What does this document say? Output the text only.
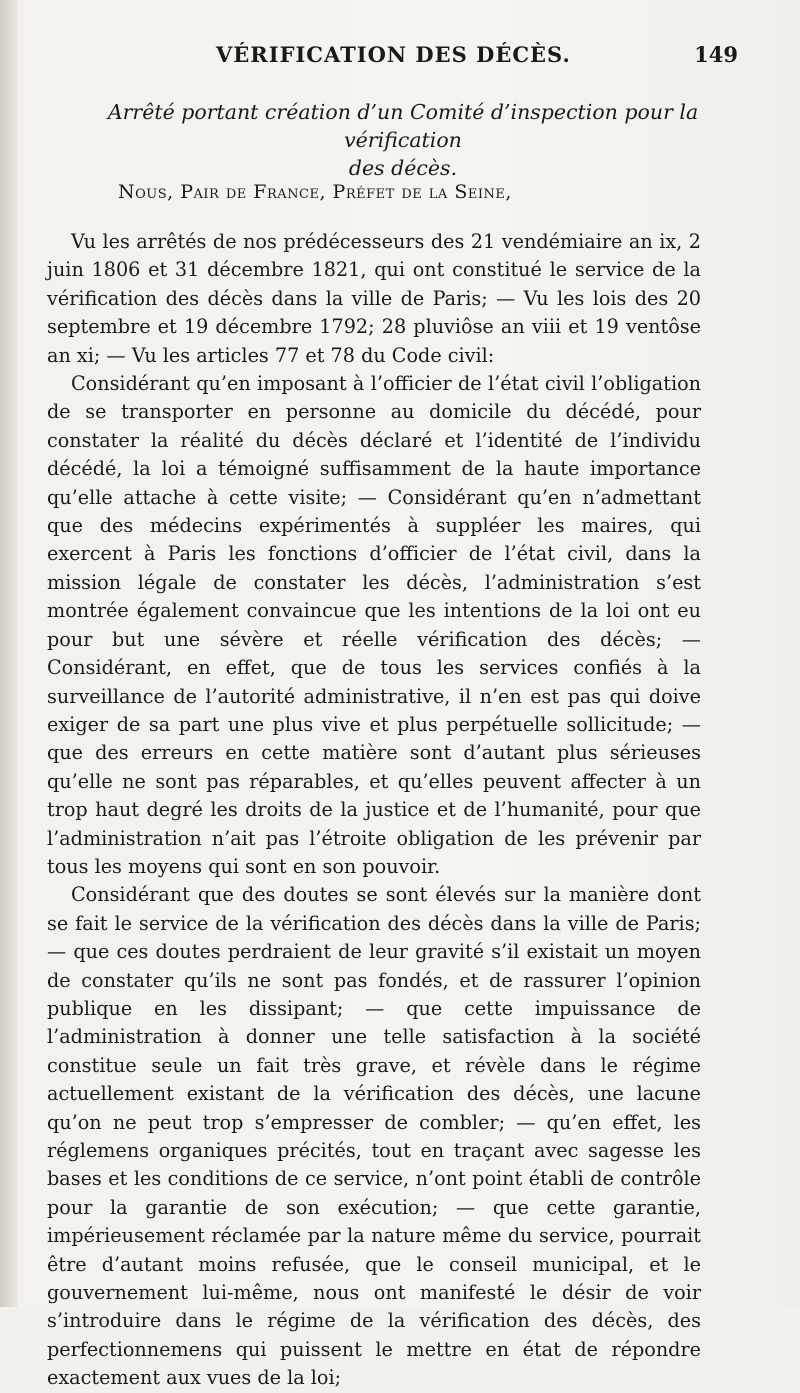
VÉRIFICATION DES DÉCÈS.	149
Arrêté portant création d’un Comité d’inspection pour la vérification
des décès.
Nous, Pair de France, Préfet de la Seine,

Vu les arrêtés de nos prédécesseurs des 21 vendémiaire an ix, 2 juin 1806 et 31 décembre 1821, qui ont constitué le service de la vérification des décès dans la ville de Paris; — Vu les lois des 20 septembre et 19 décembre 1792; 28 pluviôse an viii et 19 ventôse an xi; — Vu les articles 77 et 78 du Code civil:

Considérant qu’en imposant à l’officier de l’état civil l’obligation de se transporter en personne au domicile du décédé, pour constater la réalité du décès déclaré et l’identité de l’individu décédé, la loi a témoigné suffisamment de la haute importance qu’elle attache à cette visite; — Considérant qu’en n’admettant que des médecins expérimentés à suppléer les maires, qui exercent à Paris les fonctions d’officier de l’état civil, dans la mission légale de constater les décès, l’administration s’est montrée également convaincue que les intentions de la loi ont eu pour but une sévère et réelle vérification des décès; — Considérant, en effet, que de tous les services confiés à la surveillance de l’autorité administrative, il n’en est pas qui doive exiger de sa part une plus vive et plus perpétuelle sollicitude; — que des erreurs en cette matière sont d’autant plus sérieuses qu’elle ne sont pas réparables, et qu’elles peuvent affecter à un trop haut degré les droits de la justice et de l’humanité, pour que l’administration n’ait pas l’étroite obligation de les prévenir par tous les moyens qui sont en son pouvoir.

Considérant que des doutes se sont élevés sur la manière dont se fait le service de la vérification des décès dans la ville de Paris; — que ces doutes perdraient de leur gravité s’il existait un moyen de constater qu’ils ne sont pas fondés, et de rassurer l’opinion publique en les dissipant; — que cette impuissance de l’administration à donner une telle satisfaction à la société constitue seule un fait très grave, et révèle dans le régime actuellement existant de la vérification des décès, une lacune qu’on ne peut trop s’empresser de combler; — qu’en effet, les réglemens organiques précités, tout en traçant avec sagesse les bases et les conditions de ce service, n’ont point établi de contrôle pour la garantie de son exécution; — que cette garantie, impérieusement réclamée par la nature même du service, pourrait être d’autant moins refusée, que le conseil municipal, et le gouvernement lui-même, nous ont manifesté le désir de voir s’introduire dans le régime de la vérification des décès, des perfectionnemens qui puissent le mettre en état de répondre exactement aux vues de la loi;
